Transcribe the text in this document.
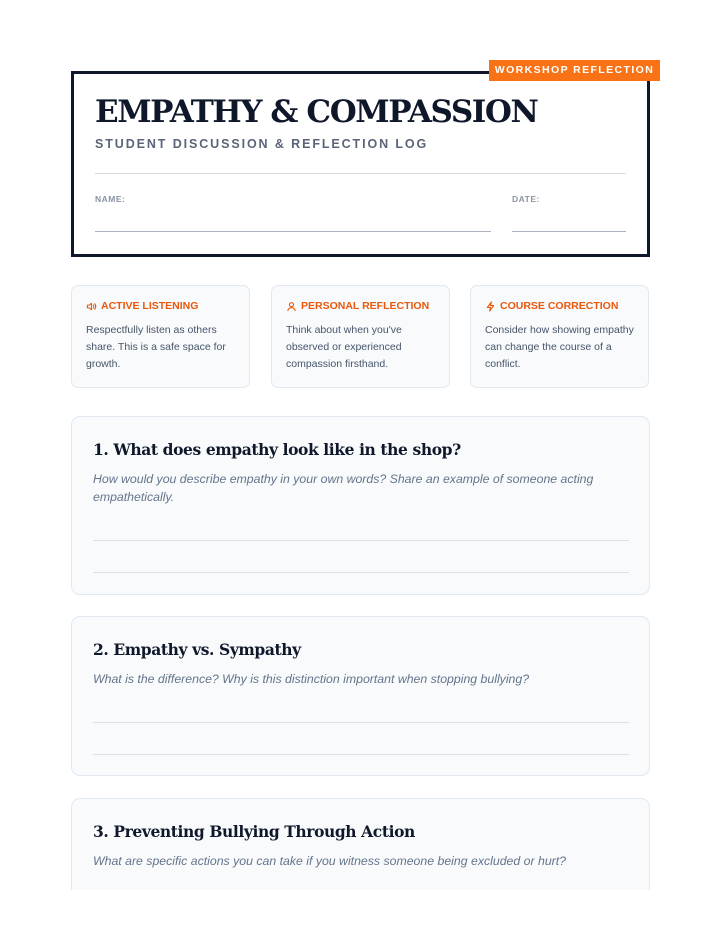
EMPATHY & COMPASSION
STUDENT DISCUSSION & REFLECTION LOG
NAME:	DATE:
WORKSHOP REFLECTION
ACTIVE LISTENING
Respectfully listen as others share. This is a safe space for growth.
PERSONAL REFLECTION
Think about when you've observed or experienced compassion firsthand.
COURSE CORRECTION
Consider how showing empathy can change the course of a conflict.
1. What does empathy look like in the shop?
How would you describe empathy in your own words? Share an example of someone acting empathetically.
2. Empathy vs. Sympathy
What is the difference? Why is this distinction important when stopping bullying?
3. Preventing Bullying Through Action
What are specific actions you can take if you witness someone being excluded or hurt?
